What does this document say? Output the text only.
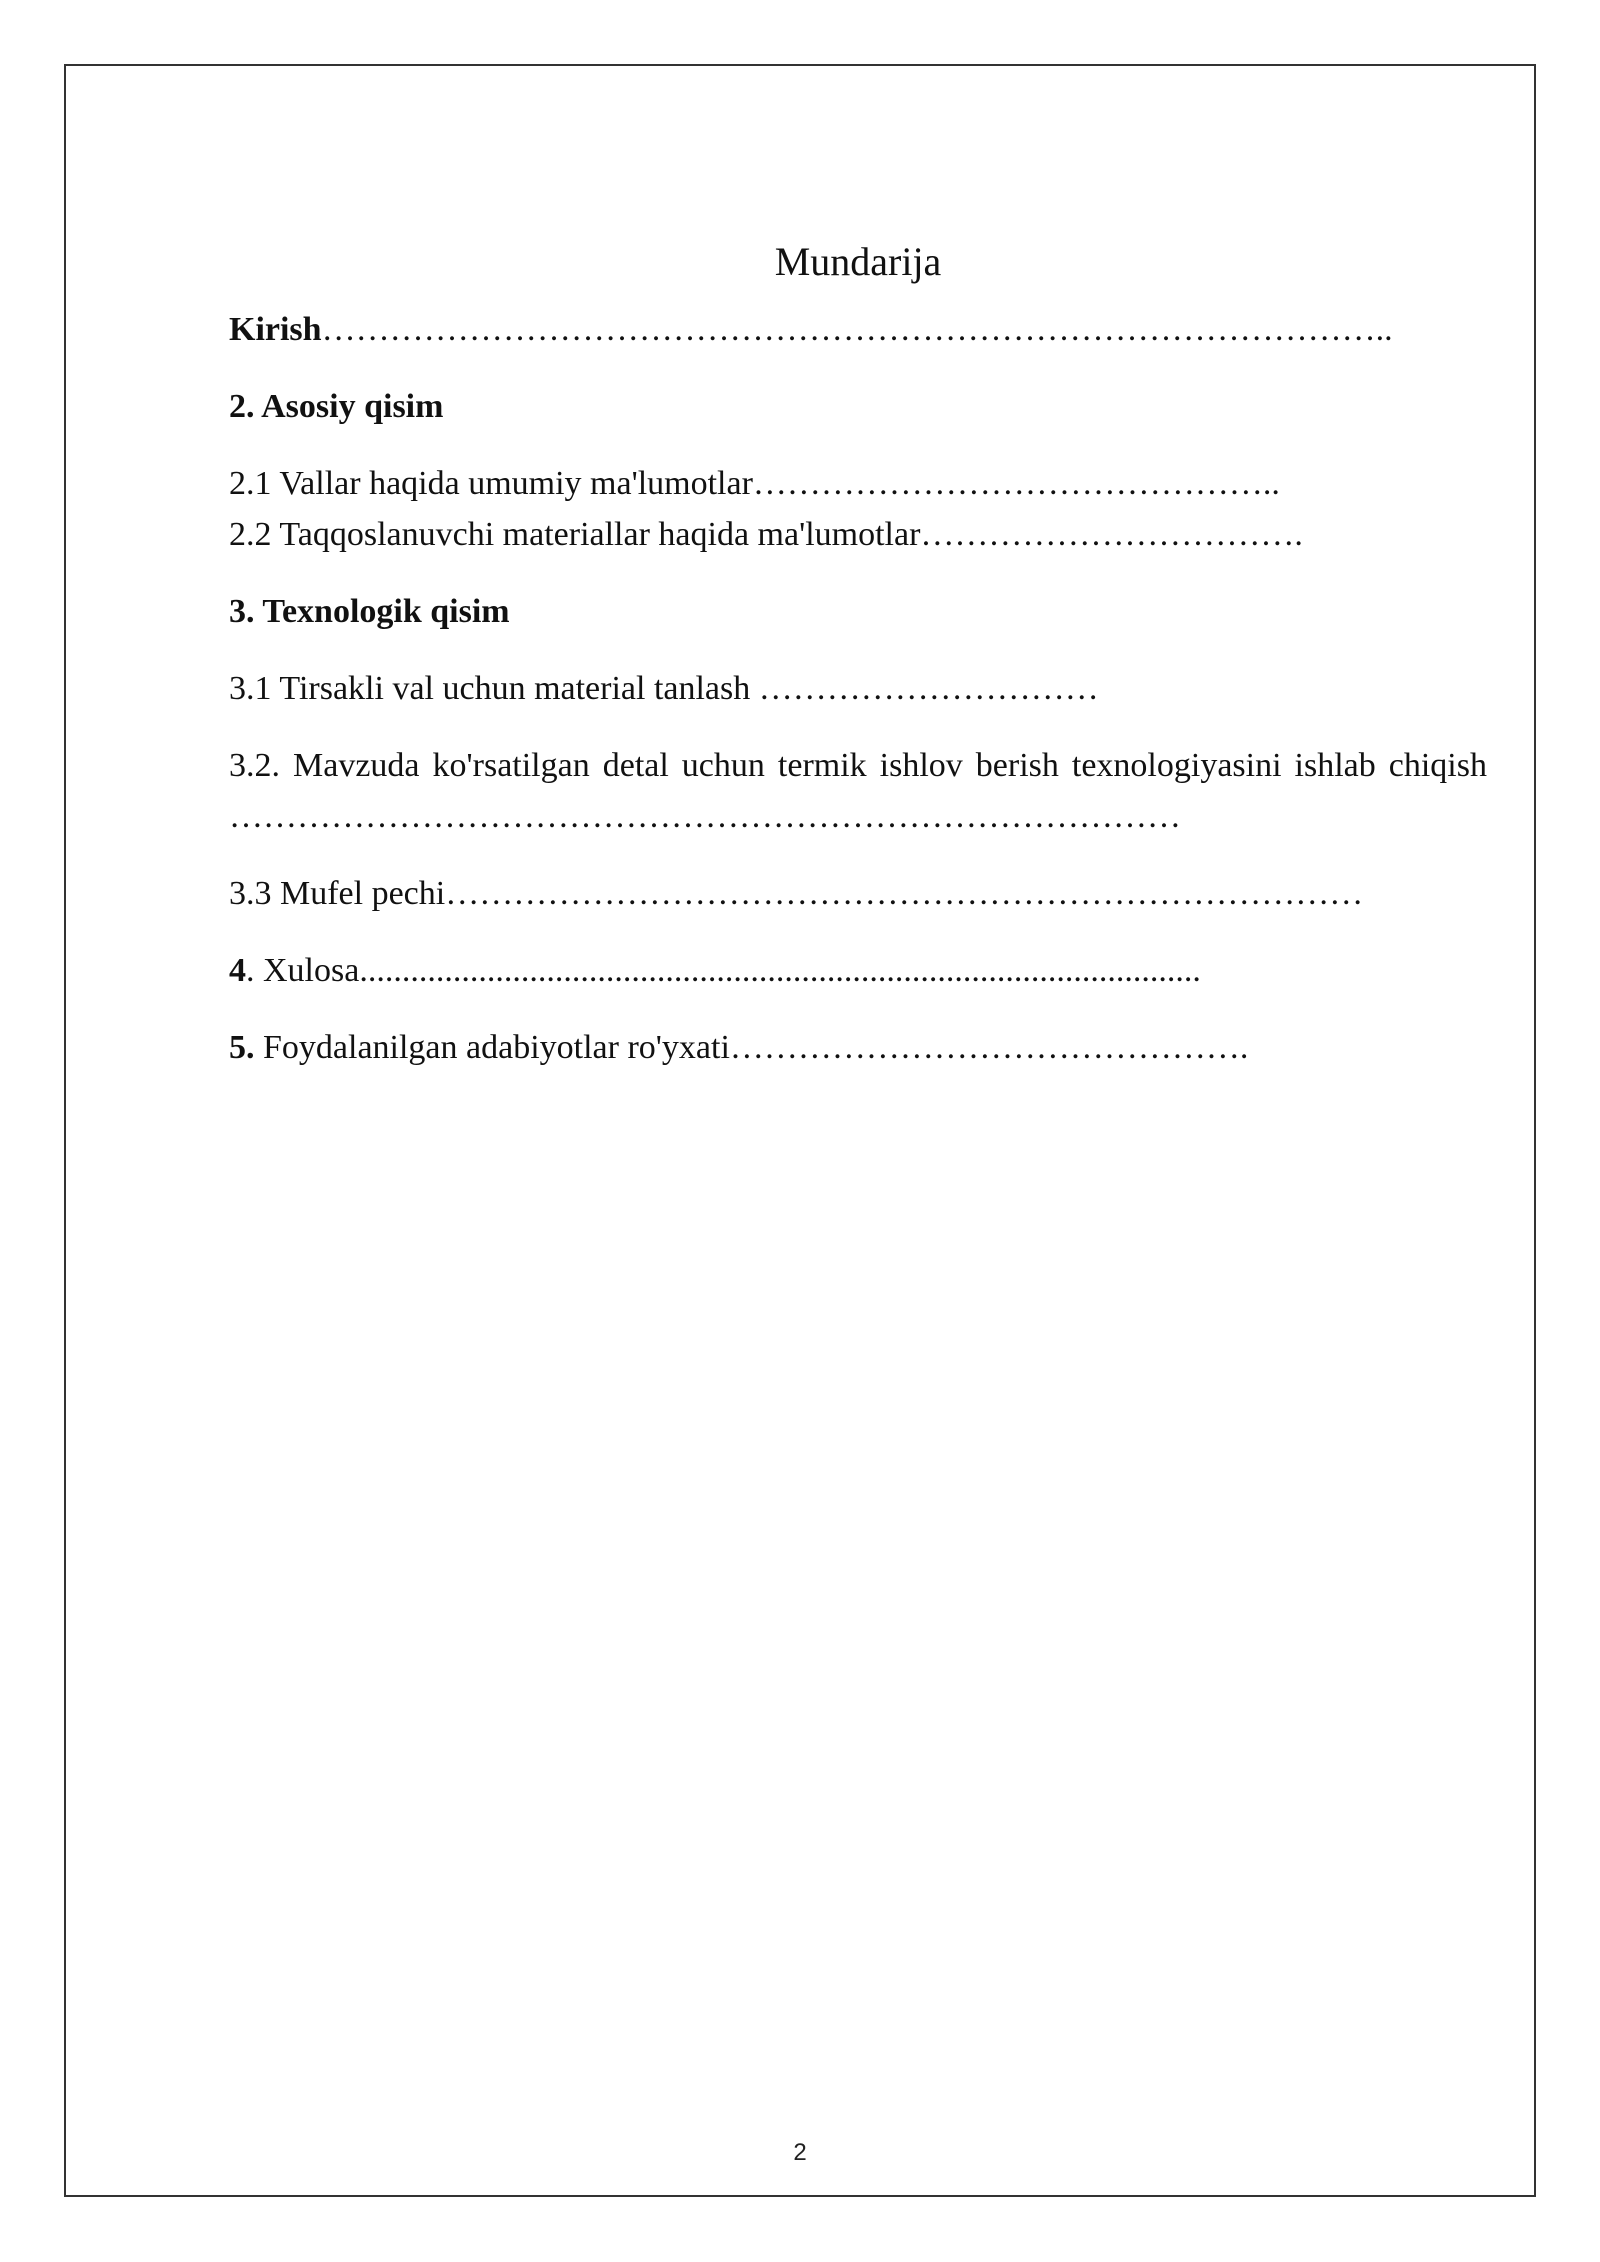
Mundarija
Kirish…………………………………………………………………………………..
2. Asosiy qisim
2.1 Vallar haqida umumiy ma'lumotlar………………………………………..
2.2 Taqqoslanuvchi materiallar haqida ma'lumotlar…………………………….
3. Texnologik qisim
3.1 Tirsakli val uchun material tanlash …………………………
3.2. Mavzuda ko'rsatilgan detal uchun termik ishlov berish texnologiyasini ishlab chiqish …………………………………………………………………………
3.3 Mufel pechi………………………………………………………………………
4. Xulosa...................................................................................................
5. Foydalanilgan adabiyotlar ro'yxati……………………………………….
2
